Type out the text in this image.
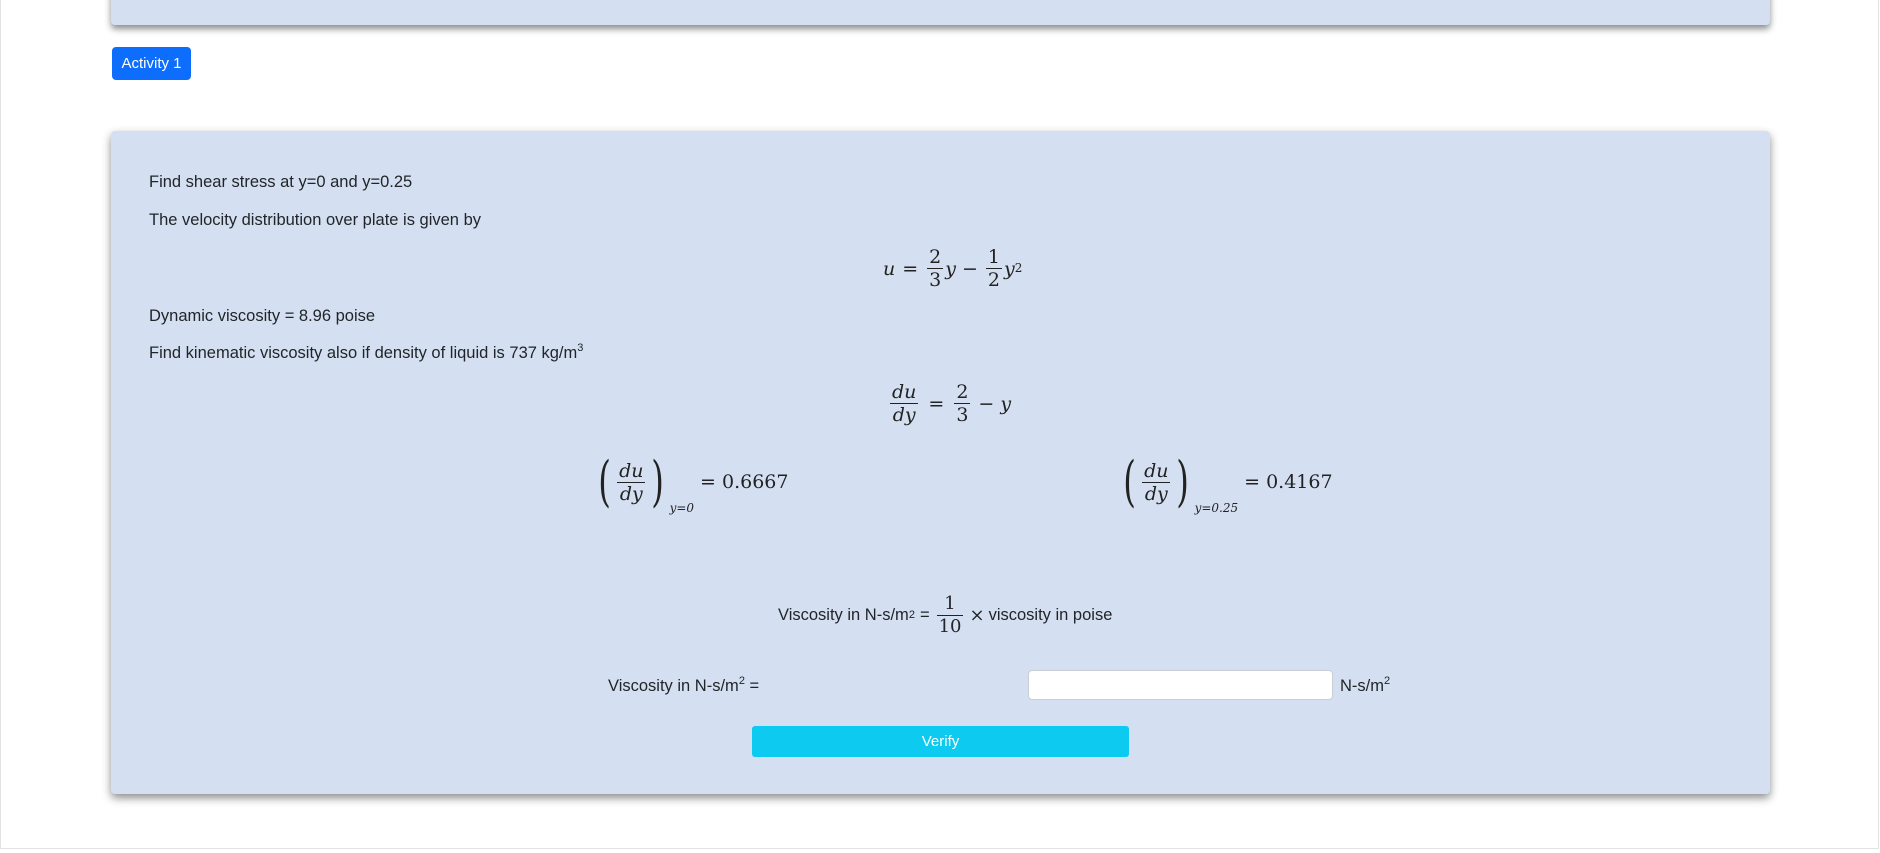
Activity 1
Find shear stress at y=0 and y=0.25
The velocity distribution over plate is given by
$u = \frac{2}{3}$ $y - \frac{1}{2} y^2$
Dynamic viscosity = 8.96 poise
Find kinematic viscosity also if density of liquid is 737 $kg/m^3$
$\frac{du}{dy} = \frac{2}{3} - y$
( $\frac{du}{dy}$ ) y=0
= 0.6667	( $\frac{du}{dy}$ ) y=0.25
= 0.4167
Viscosity in $N-s/m^2 = \frac{1}{10}$ × viscosity in poise
Viscosity in $N-s/m^2$ =	$N-s/m^2$
Verify
